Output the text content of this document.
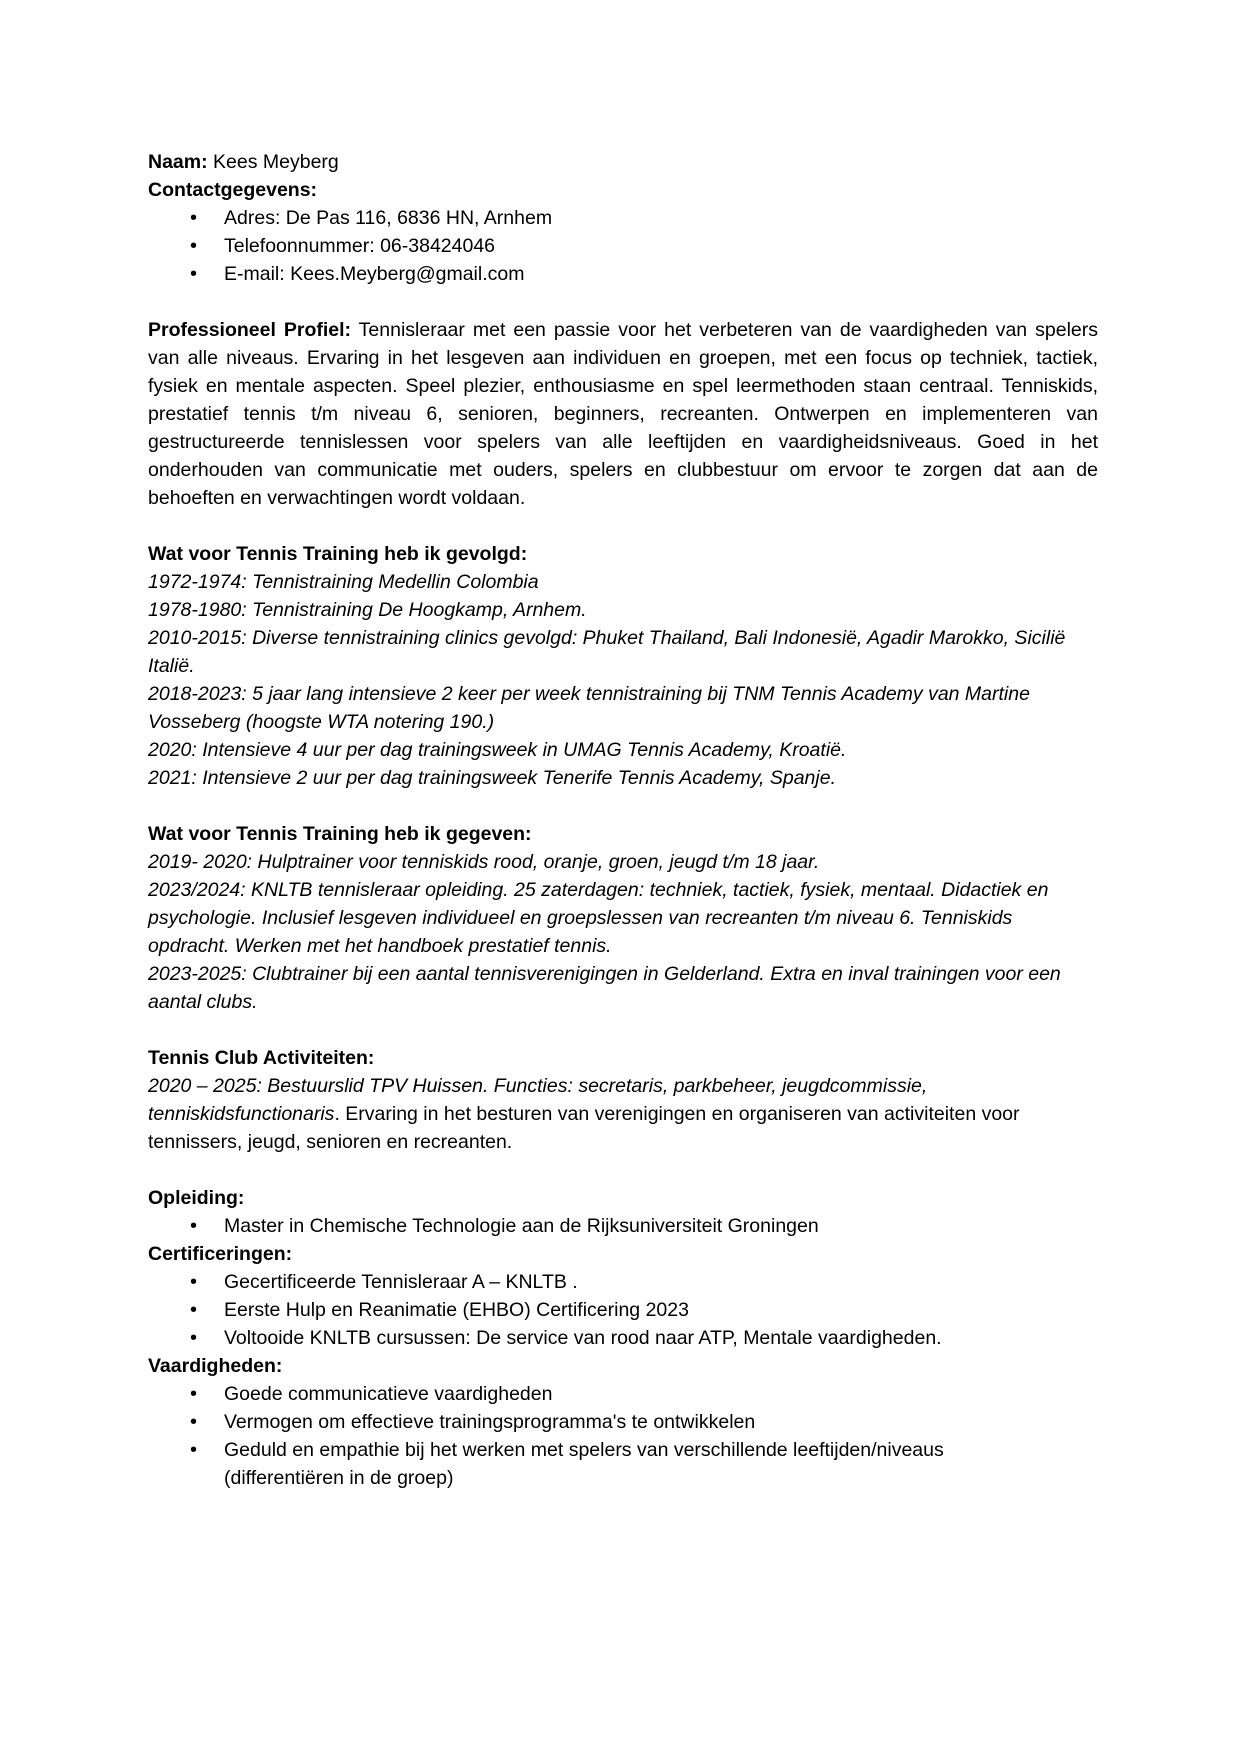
Naam: Kees Meyberg
Contactgegevens:
• Adres: De Pas 116, 6836 HN, Arnhem
• Telefoonnummer: 06-38424046
• E-mail: Kees.Meyberg@gmail.com

Professioneel Profiel: Tennisleraar met een passie voor het verbeteren van de vaardigheden van spelers van alle niveaus. Ervaring in het lesgeven aan individuen en groepen, met een focus op techniek, tactiek, fysiek en mentale aspecten. Speel plezier, enthousiasme en spel leermethoden staan centraal. Tenniskids, prestatief tennis t/m niveau 6, senioren, beginners, recreanten. Ontwerpen en implementeren van gestructureerde tennislessen voor spelers van alle leeftijden en vaardigheidsniveaus. Goed in het onderhouden van communicatie met ouders, spelers en clubbestuur om ervoor te zorgen dat aan de behoeften en verwachtingen wordt voldaan.

Wat voor Tennis Training heb ik gevolgd:

1972-1974: Tennistraining Medellin Colombia

1978-1980: Tennistraining De Hoogkamp, Arnhem.

2010-2015: Diverse tennistraining clinics gevolgd: Phuket Thailand, Bali Indonesië, Agadir Marokko, Sicilië Italië.

2018-2023: 5 jaar lang intensieve 2 keer per week tennistraining bij TNM Tennis Academy van Martine Vosseberg (hoogste WTA notering 190.)

2020: Intensieve 4 uur per dag trainingsweek in UMAG Tennis Academy, Kroatië.

2021: Intensieve 2 uur per dag trainingsweek Tenerife Tennis Academy, Spanje.

Wat voor Tennis Training heb ik gegeven:

2019- 2020: Hulptrainer voor tenniskids rood, oranje, groen, jeugd t/m 18 jaar.

2023/2024: KNLTB tennisleraar opleiding. 25 zaterdagen: techniek, tactiek, fysiek, mentaal. Didactiek en psychologie. Inclusief lesgeven individueel en groepslessen van recreanten t/m niveau 6. Tenniskids opdracht. Werken met het handboek prestatief tennis.

2023-2025: Clubtrainer bij een aantal tennisverenigingen in Gelderland. Extra en inval trainingen voor een aantal clubs.

Tennis Club Activiteiten:

2020 – 2025: Bestuurslid TPV Huissen. Functies: secretaris, parkbeheer, jeugdcommissie, tenniskidsfunctionaris. Ervaring in het besturen van verenigingen en organiseren van activiteiten voor tennissers, jeugd, senioren en recreanten.

Opleiding:
• Master in Chemische Technologie aan de Rijksuniversiteit Groningen
Certificeringen:
• Gecertificeerde Tennisleraar A – KNLTB .
• Eerste Hulp en Reanimatie (EHBO) Certificering 2023
• Voltooide KNLTB cursussen: De service van rood naar ATP, Mentale vaardigheden.
Vaardigheden:
• Goede communicatieve vaardigheden
• Vermogen om effectieve trainingsprogramma's te ontwikkelen
• Geduld en empathie bij het werken met spelers van verschillende leeftijden/niveaus (differentiëren in de groep)
